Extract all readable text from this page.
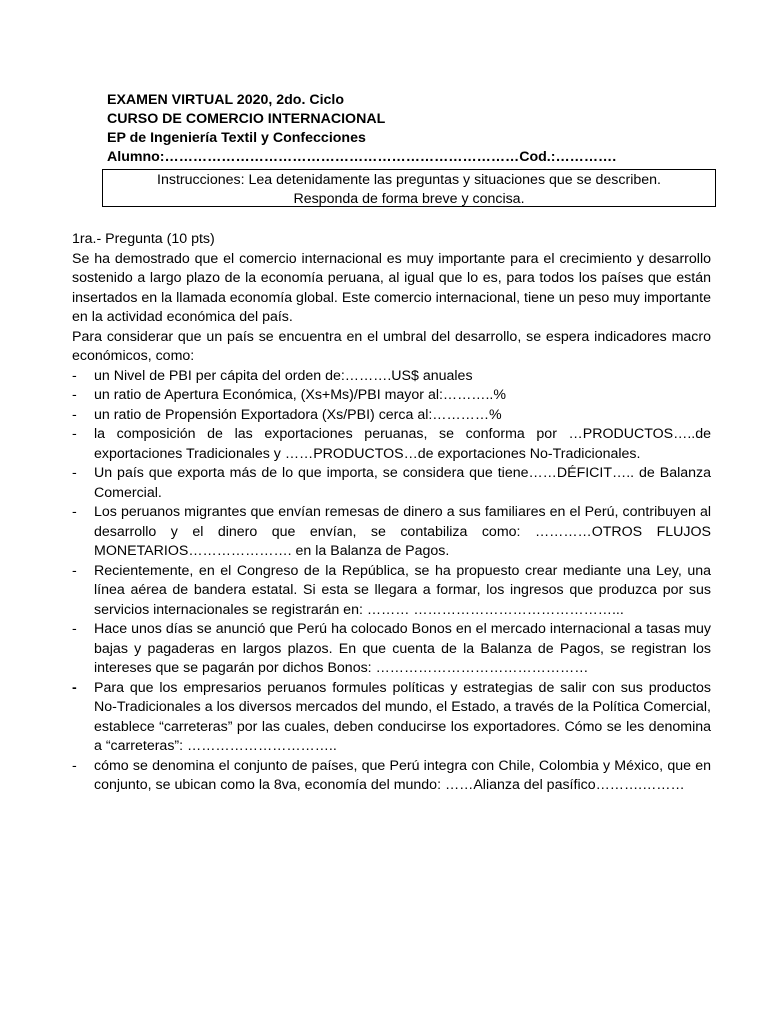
EXAMEN VIRTUAL 2020, 2do. Ciclo
CURSO DE COMERCIO INTERNACIONAL
EP de Ingeniería Textil y Confecciones
Alumno:…………………………………………………………………Cod.:………….
Instrucciones: Lea detenidamente las preguntas y situaciones que se describen.
Responda de forma breve y concisa.
1ra.- Pregunta (10 pts)
Se ha demostrado que el comercio internacional es muy importante para el crecimiento y desarrollo sostenido a largo plazo de la economía peruana, al igual que lo es, para todos los países que están insertados en la llamada economía global. Este comercio internacional, tiene un peso muy importante en la actividad económica del país.
Para considerar que un país se encuentra en el umbral del desarrollo, se espera indicadores macro económicos, como:
- un Nivel de PBI per cápita del orden de:……….US$ anuales
- un ratio de Apertura Económica, (Xs+Ms)/PBI mayor al:………..%
- un ratio de Propensión Exportadora (Xs/PBI) cerca al:…………%
- la composición de las exportaciones peruanas, se conforma por …PRODUCTOS…..de exportaciones Tradicionales y ……PRODUCTOS…de exportaciones No-Tradicionales.
- Un país que exporta más de lo que importa, se considera que tiene……DÉFICIT….. de Balanza Comercial.
- Los peruanos migrantes que envían remesas de dinero a sus familiares en el Perú, contribuyen al desarrollo y el dinero que envían, se contabiliza como: …………OTROS FLUJOS MONETARIOS…………………. en la Balanza de Pagos.
- Recientemente, en el Congreso de la República, se ha propuesto crear mediante una Ley, una línea aérea de bandera estatal. Si esta se llegara a formar, los ingresos que produzca por sus servicios internacionales se registrarán en: ……… ……………………………………...
- Hace unos días se anunció que Perú ha colocado Bonos en el mercado internacional a tasas muy bajas y pagaderas en largos plazos. En que cuenta de la Balanza de Pagos, se registran los intereses que se pagarán por dichos Bonos: ………………………………………
- Para que los empresarios peruanos formules políticas y estrategias de salir con sus productos No-Tradicionales a los diversos mercados del mundo, el Estado, a través de la Política Comercial, establece “carreteras” por las cuales, deben conducirse los exportadores. Cómo se les denomina a “carreteras”: …………………………..
- cómo se denomina el conjunto de países, que Perú integra con Chile, Colombia y México, que en conjunto, se ubican como la 8va, economía del mundo: ……Alianza del pasífico……….………
